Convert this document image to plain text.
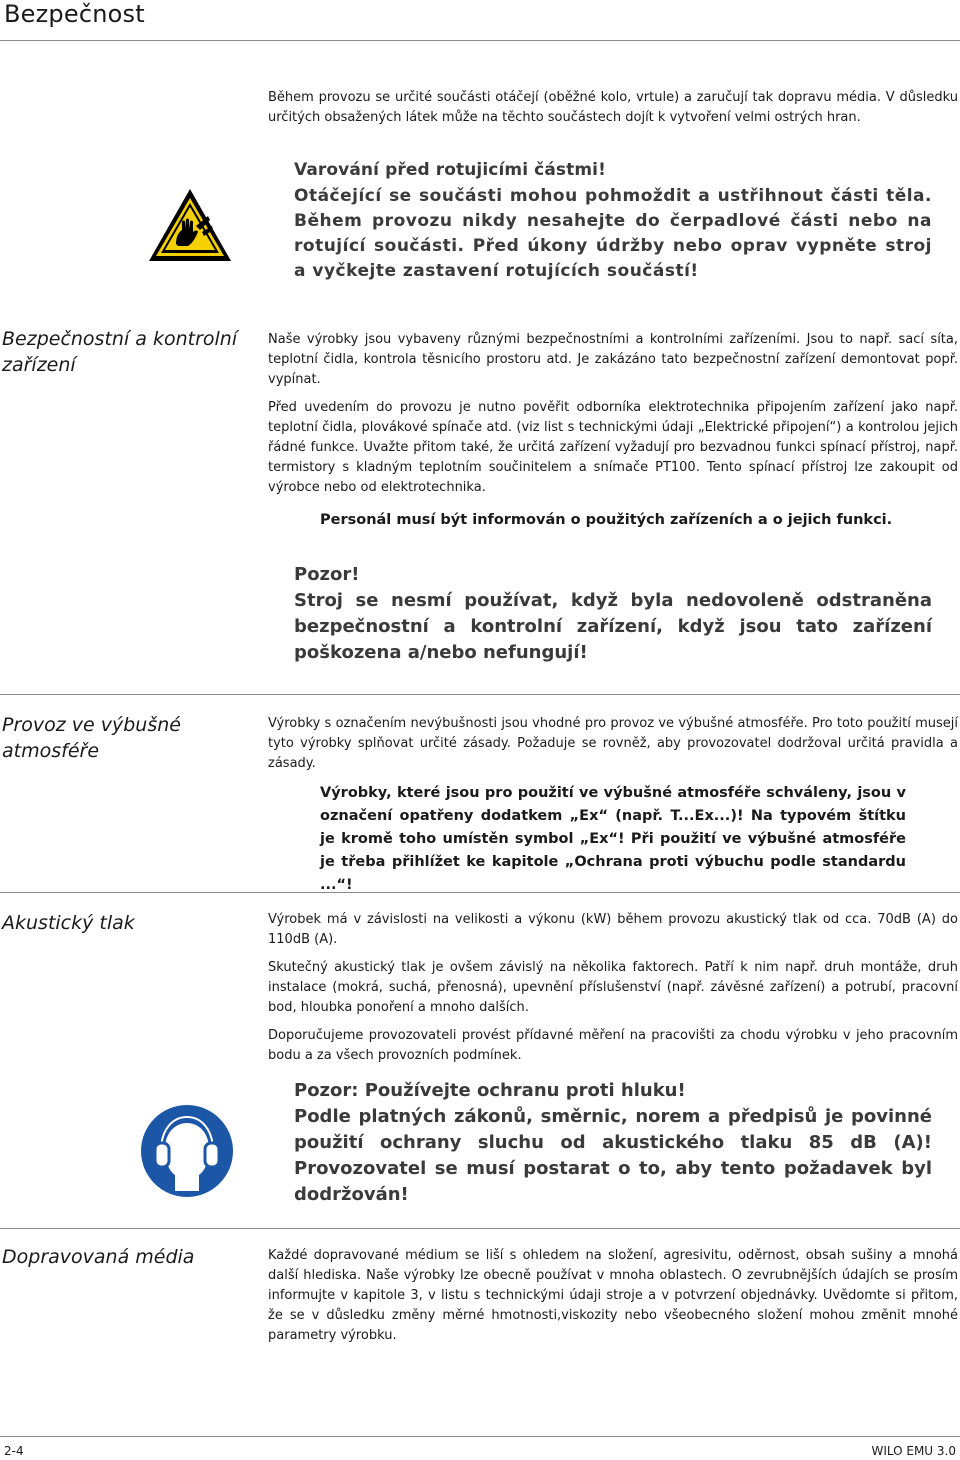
Bezpečnost
Během provozu se určité součásti otáčejí (oběžné kolo, vrtule) a zaručují tak dopravu média. V důsledku určitých obsažených látek může na těchto součástech dojít k vytvoření velmi ostrých hran.
Varování před rotujicími částmi!
Otáčející se součásti mohou pohmoždit a ustřihnout části těla. Během provozu nikdy nesahejte do čerpadlové části nebo na rotující součásti. Před úkony údržby nebo oprav vypněte stroj a vyčkejte zastavení rotujících součástí!
Bezpečnostní a kontrolní zařízení

Naše výrobky jsou vybaveny různými bezpečnostními a kontrolními zařízeními. Jsou to např. sací síta, teplotní čidla, kontrola těsnicího prostoru atd. Je zakázáno tato bezpečnostní zařízení demontovat popř. vypínat.

Před uvedením do provozu je nutno pověřit odborníka elektrotechnika připojením zařízení jako např. teplotní čidla, plovákové spínače atd. (viz list s technickými údaji „Elektrické připojení“) a kontrolou jejich řádné funkce. Uvažte přitom také, že určitá zařízení vyžadují pro bezvadnou funkci spínací přístroj, např. termistory s kladným teplotním součinitelem a snímače PT100. Tento spínací přístroj lze zakoupit od výrobce nebo od elektrotechnika.

Personál musí být informován o použitých zařízeních a o jejich funkci.
Pozor!
Stroj se nesmí používat, když byla nedovoleně odstraněna bezpečnostní a kontrolní zařízení, když jsou tato zařízení poškozena a/nebo nefungují!
Provoz ve výbušné atmosféře
Výrobky s označením nevýbušnosti jsou vhodné pro provoz ve výbušné atmosféře. Pro toto použití musejí tyto výrobky splňovat určité zásady. Požaduje se rovněž, aby provozovatel dodržoval určitá pravidla a zásady.
Výrobky, které jsou pro použití ve výbušné atmosféře schváleny, jsou v označení opatřeny dodatkem „Ex“ (např. T...Ex...)! Na typovém štítku je kromě toho umístěn symbol „Ex“! Při použití ve výbušné atmosféře je třeba přihlížet ke kapitole „Ochrana proti výbuchu podle standardu ...“!
Akustický tlak	Výrobek má v závislosti na velikosti a výkonu (kW) během provozu akustický tlak od cca. 70dB (A) do 110dB (A).

Skutečný akustický tlak je ovšem závislý na několika faktorech. Patří k nim např. druh montáže, druh instalace (mokrá, suchá, přenosná), upevnění příslušenství (např. závěsné zařízení) a potrubí, pracovní bod, hloubka ponoření a mnoho dalších.

Doporučujeme provozovateli provést přídavné měření na pracovišti za chodu výrobku v jeho pracovním bodu a za všech provozních podmínek.

Pozor: Používejte ochranu proti hluku!
Podle platných zákonů, směrnic, norem a předpisů je povinné použití ochrany sluchu od akustického tlaku 85 dB (A)! Provozovatel se musí postarat o to, aby tento požadavek byl dodržován!
Dopravovaná média	Každé dopravované médium se liší s ohledem na složení, agresivitu, oděrnost, obsah sušiny a mnohá další hlediska. Naše výrobky lze obecně používat v mnoha oblastech. O zevrubnějších údajích se prosím informujte v kapitole 3, v listu s technickými údaji stroje a v potvrzení objednávky. Uvědomte si přitom, že se v důsledku změny měrné hmotnosti,viskozity nebo všeobecného složení mohou změnit mnohé parametry výrobku.
2-4	WILO EMU 3.0
